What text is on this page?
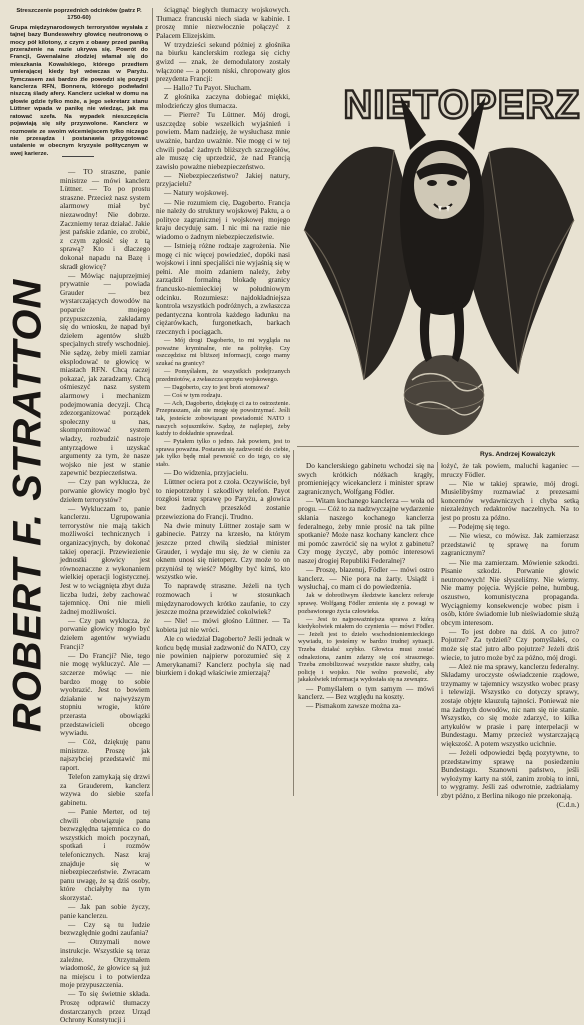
Streszczenie poprzednich odcinków (patrz P. 1750-60)
Grupa międzynarodowych terrorystów wysłała z tajnej bazy Bundeswehry głowicę neutronową o mocy pół kilotony, z czym z obawy przed paniką przerażenie na razie ukrywa się. Powrót do Francji, Gwenalaine złodziej włamał się do mieszkania Kowalskiego, którego przedtem umierającej kiedy był wówczas w Paryżu. Tymczasem zaś bardzo źle powodzi się pozycji kanclerza RFN, Bonnera, którego podwładni niszczą ślady afery. Kanclerz uciekał w domu na głowie gdzie tylko może, a jego sekretarz stanu Lüttner wpada w panikę nie wiedząc, jak ma ratować szefa. Na wypadek nieszczęścia pojawiają się siły przyzwolone. Kanclerz w rozmowie ze swoim wicemiejscem tylko niczego nie przesądza i postanawia przygotować ustalenie w obecnym kryzysie politycznym w swej karierze.
ROBERT F. STRATTON

— TO straszne, panie ministrze — mówi kanclerz Lüttner. — To po prostu straszne. Przecież nasz system alarmowy miał być niezawodny! Nie dobrze. Zaczniemy teraz działać. Jakie jest pańskie zdanie, co zrobić, z czym zgłosić się z tą sprawą? Kto i dlaczego dokonał napadu na Bazę i skradł głowicę?

— Mówiąc najuprzejmiej prywatnie — powiada Grauder — bez wystarczających dowodów na poparcie mojego przypuszczenia, zakładamy się do wniosku, że napad był dziełem agentów służb specjalnych strefy wschodniej. Nie sądzę, żeby mieli zamiar eksplodować te głowicę w miastach RFN. Chcą raczej pokazać, jak zaradzamy. Chcą ośmieszyć nasz system alarmowy i mechanizm podejmowania decyzji. Chcą zdezorganizować porządek społeczny u nas, skompromitować system władzy, rozbudzić nastroje antyrządowe i uzyskać argumenty za tym, że nasze wojsko nie jest w stanie zapewnić bezpieczeństwa.

— Czy pan wyklucza, że porwanie głowicy mogło być dziełem terrorystów?

— Wykluczam to, panie kanclerzu. Ugrupowania terrorystów nie mają takich możliwości technicznych i organizacyjnych, by dokonać takiej operacji. Przewiezienie jednostki głowicy jest równoznaczne z wykonaniem wielkiej operacji logistycznej. Jest w to wciągnięta zbyt duża liczba ludzi, żeby zachować tajemnicę. Oni nie mieli żadnej możliwości.

— Czy pan wyklucza, że porwanie głowicy mogło być dziełem agentów wywiadu Francji?

— Do Francji? Nie, tego nie mogę wykluczyć. Ale — szczerze mówiąc — nie bardzo mogę to sobie wyobrazić. Jest to bowiem działanie w najwyższym stopniu wrogie, które przerasta obowiązki przedstawicieli obcego wywiadu.

— Cóż, dziękuję panu ministrze. Proszę jak najszybciej przedstawić mi raport.

Telefon zamykają się drzwi za Grauderem, kanclerz wzywa do siebie szefa gabinetu.

— Panie Merter, od tej chwili obowiązuje pana bezwzględna tajemnica co do wszystkich moich poczynań, spotkań i rozmów telefonicznych. Nasz kraj znajduje się w niebezpieczeństwie. Zwracam panu uwagę, że są dziś osoby, które chciałyby na tym skorzystać.

— Jak pan sobie życzy, panie kanclerzu.

— Czy są tu ludzie bezwzględnie godni zaufania?

— Otrzymali nowe instrukcje. Wszystkie są teraz zależne. Otrzymałem wiadomość, że głowice są już na miejscu i to potwierdza moje przypuszczenia.

— To się świetnie składa. Proszę odprawić tłumaczy dostarczanych przez Urząd Ochrony Konstytucji i

ściągnąć biegłych tłumaczy wojskowych. Tłumacz francuski niech siada w kabinie. I proszę mnie niezwłocznie połączyć z Pałacem Elizejskim.

W trzydzieści sekund później z głośnika na biurku kanclerskim rozlega się cichy gwizd — znak, że demodulatory zostały włączone — a potem niski, chropowaty głos prezydenta Francji:

— Hallo? Tu Payot. Słucham.

Z głośnika zaczyna dobiegać miękki, młodzieńczy głos tłumacza.

— Pierre? Tu Lüttner. Mój drogi, uszczędzę sobie wszelkich wyjaśnień i powiem. Mam nadzieję, że wysłuchasz mnie uważnie, bardzo uważnie. Nie mogę ci w tej chwili podać żadnych bliższych szczegółów, ale muszę cię uprzedzić, że nad Francją zawisło poważne niebezpieczeństwo.

— Niebezpieczeństwo? Jakiej natury, przyjacielu?

— Natury wojskowej.

— Nie rozumiem cię, Dagoberto. Francja nie należy do struktury wojskowej Paktu, a o polityce zagranicznej i wojskowej mojego kraju decyduję sam. I nic mi na razie nie wiadomo o żadnym niebezpieczeństwie.

— Istnieją różne rodzaje zagrożenia. Nie mogę ci nic więcej powiedzieć, dopóki nasi wojskowi i inni specjaliści nie wyjaśnią się w pełni. Ale moim zdaniem należy, żeby zarządził formalną blokadę granicy francusko-niemieckiej w południowym odcinku. Rozumiesz: najdokładniejsza kontrola wszystkich podróżnych, a zwłaszcza pedantyczna kontrola każdego ładunku na ciężarówkach, furgonetkach, barkach rzecznych i pociągach.

— Mój drogi Dagoberto, to mi wygląda na poważne kryminalne, nie na politykę. Czy oszczędzisz mi bliższej informacji, czego mamy szukać na granicy?

— Pomyślałem, że wszystkich podejrzanych przedmiotów, a zwłaszcza sprzętu wojskowego.

— Dagoberto, czy to jest broń atomowa?

— Coś w tym rodzaju.

— Ach, Dagoberto, dziękuję ci za to ostrzeżenie. Przepraszam, ale nie mogę się powstrzymać. Jeśli tak, jesteście zobowiązani powiadomić NATO i naszych sojuszników. Sądzę, że najlepiej, żeby każdy to dokładnie sprawdzał.

— Pytałem tylko o jedno. Jak powiem, jest to sprawa poważna. Postaram się zadzwonić do ciebie, jak tylko będę miał pewność co do tego, co się stało.

— Do widzenia, przyjacielu.

Lüttner ociera pot z czoła. Oczywiście, był to niepotrzebny i szkodliwy telefon. Payot rozgłosi teraz sprawę po Paryżu, a głowica bez żadnych przeszkód zostanie przewieziona do Francji. Trudno.

Na dwie minuty Lüttner zostaje sam w gabinecie. Patrzy na krzesło, na którym jeszcze przed chwilą siedział minister Grauder, i wydaje mu się, że w cieniu za oknem unosi się nietoperz. Czy może to on przyniósł tę wieść? Mógłby być kimś, kto wszystko wie.

To naprawdę straszne. Jeżeli na tych rozmowach i w stosunkach międzynarodowych krótko zaufanie, to czy jeszcze można przewidzieć cokolwiek?

— Nie! — mówi głośno Lüttner. — Ta kobieta już nie wróci.

Ale co wiedział Dagoberto? Jeśli jednak w końcu będę musiał zadzwonić do NATO, czy nie powinien najpierw porozumieć się z Amerykanami? Kanclerz pochyla się nad biurkiem i dokąd właściwie zmierzają?

NIETOPERZ
Rys. Andrzej Kowalczyk

Do kanclerskiego gabinetu wchodzi się na swych krótkich nóżkach krągły, promieniejący wicekanclerz i minister spraw zagranicznych, Wolfgang Födler.

— Witam kochanego kanclerza — woła od progu. — Cóż to za nadzwyczajne wydarzenie skłania naszego kochanego kanclerza federalnego, żeby mnie prosić na tak pilne spotkanie? Może nasz kochany kanclerz chce mi pomóc zawrócić się na wylot z gabinetu? Czy mogę życzyć, aby pomóc interesowi naszej drogiej Republiki Federalnej?

— Proszę, błazenuj, Födler — mówi ostro kanclerz. — Nie pora na żarty. Usiądź i wysłuchaj, co mam ci do powiedzenia.

Jak w dobrotliwym śledztwie kanclerz referuje sprawę. Wolfgang Födler zmienia się z powagi w pozbawionego życia człowieka.

— Jest to najpoważniejsza sprawa z którą kiedykolwiek miałem do czynienia — mówi Födler. — Jeżeli jest to dzieło wschodnioniemieckiego wywiadu, to jesteśmy w bardzo trudnej sytuacji. Trzeba działać szybko. Głowica musi zostać odnaleziona, zanim zdarzy się coś strasznego. Trzeba zmobilizować wszystkie nasze służby, całą policję i wojsko. Nie wolno pozwolić, aby jakakolwiek informacja wydostała się na zewnątrz.

— Pomyślałem o tym samym — mówi kanclerz. — Bez względu na koszty.

— Pismakom zawsze można za-

łożyć, że tak powiem, maluchi kaganiec — mruczy Födler.

— Nie w takiej sprawie, mój drogi. Musielibyśmy rozmawiać z prezesami koncernów wydawniczych i chyba setką niezależnych redaktorów naczelnych. Na to jest po prostu za późno.

— Podejmę się tego.

— Nie wiesz, co mówisz. Jak zamierzasz przedstawić tę sprawę na forum zagranicznym?

— Nie ma zamierzam. Mówienie szkodzi. Pisanie szkodzi. Porwanie głowic neutronowych! Nie słyszeliśmy. Nie wiemy. Nie mamy pojęcia. Wyjście pełne, humbug, oszustwo, komunistyczna propaganda. Wyciągniemy konsekwencje wobec pism i osób, które świadomie lub nieświadomie służą obcym interesom.

— To jest dobre na dziś. A co jutro? Pojutrze? Za tydzień? Czy pomyślałeś, co może się stać jutro albo pojutrze? Jeżeli dziś wiecie, to jutro może być za późno, mój drogi.

— Ależ nie ma sprawy, kanclerzu federalny. Składamy uroczyste oświadczenie rządowe, trzymamy w tajemnicy wszystko wobec prasy i telewizji. Wszystko co dotyczy sprawy, zostaje objęte klauzulą tajności. Ponieważ nie ma żadnych dowodów, nic nam się nie stanie. Wszystko, co się może zdarzyć, to kilka artykułów w prasie i parę interpelacji w Bundestagu. Mamy przecież wystarczającą większość. A potem wszystko ucichnie.

— Jeżeli odpowiedzi będą pozytywne, to przedstawimy sprawę na posiedzeniu Bundestagu. Szanowni państwo, jeśli wyłożymy karty na stół, zanim zrobią to inni, to wygramy. Jeśli zaś odwrotnie, zadziałamy zbyt późno, z Berlina nikogo nie przekonają.

(C.d.n.)
